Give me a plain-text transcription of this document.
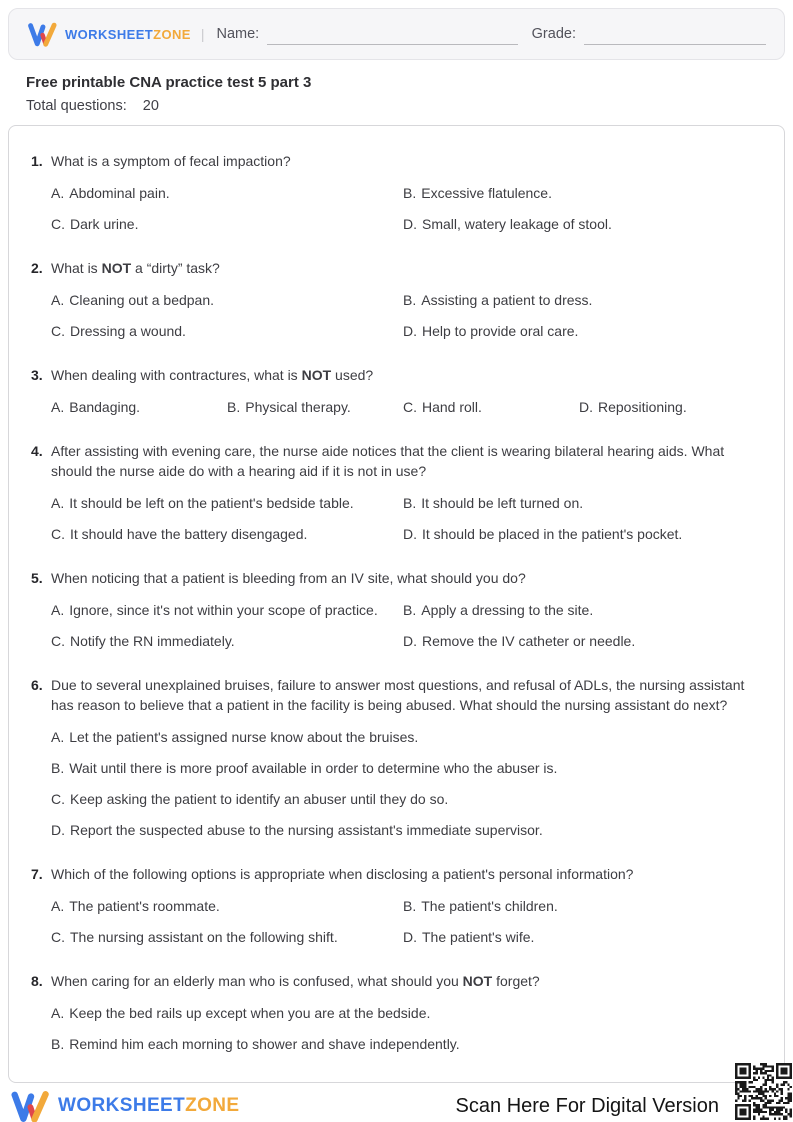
WORKSHEETZONE | Name:	Grade:
Free printable CNA practice test 5 part 3
Total questions: 20
1. What is a symptom of fecal impaction?
A. Abdominal pain.	B. Excessive flatulence.
C. Dark urine.	D. Small, watery leakage of stool.
2. What is NOT a “dirty” task?
A. Cleaning out a bedpan.	B. Assisting a patient to dress.
C. Dressing a wound.	D. Help to provide oral care.
3. When dealing with contractures, what is NOT used?
A. Bandaging.	B. Physical therapy.	C. Hand roll.	D. Repositioning.
4. After assisting with evening care, the nurse aide notices that the client is wearing bilateral hearing aids. What should the nurse aide do with a hearing aid if it is not in use?
A. It should be left on the patient's bedside table.	B. It should be left turned on.
C. It should have the battery disengaged.	D. It should be placed in the patient's pocket.
5. When noticing that a patient is bleeding from an IV site, what should you do?
A. Ignore, since it's not within your scope of practice. B. Apply a dressing to the site.
C. Notify the RN immediately.	D. Remove the IV catheter or needle.
6. Due to several unexplained bruises, failure to answer most questions, and refusal of ADLs, the nursing assistant has reason to believe that a patient in the facility is being abused. What should the nursing assistant do next?
A. Let the patient's assigned nurse know about the bruises.
B. Wait until there is more proof available in order to determine who the abuser is.
C. Keep asking the patient to identify an abuser until they do so.
D. Report the suspected abuse to the nursing assistant's immediate supervisor.
7. Which of the following options is appropriate when disclosing a patient's personal information?
A. The patient's roommate.	B. The patient's children.
C. The nursing assistant on the following shift.	D. The patient's wife.
8. When caring for an elderly man who is confused, what should you NOT forget?
A. Keep the bed rails up except when you are at the bedside.
B. Remind him each morning to shower and shave independently.
WORKSHEETZONE	Scan Here For Digital Version
